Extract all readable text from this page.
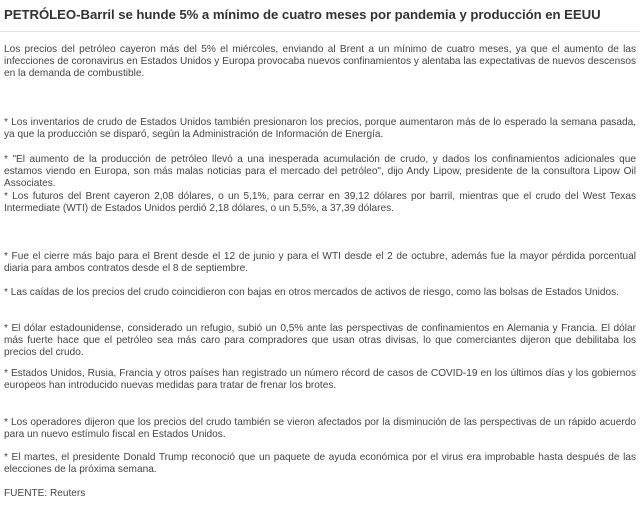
PETRÓLEO-Barril se hunde 5% a mínimo de cuatro meses por pandemia y producción en EEUU

Los precios del petróleo cayeron más del 5% el miércoles, enviando al Brent a un mínimo de cuatro meses, ya que el aumento de las infecciones de coronavirus en Estados Unidos y Europa provocaba nuevos confinamientos y alentaba las expectativas de nuevos descensos en la demanda de combustible.

* Los inventarios de crudo de Estados Unidos también presionaron los precios, porque aumentaron más de lo esperado la semana pasada, ya que la producción se disparó, según la Administración de Información de Energía.

* "El aumento de la producción de petróleo llevó a una inesperada acumulación de crudo, y dados los confinamientos adicionales que estamos viendo en Europa, son más malas noticias para el mercado del petróleo", dijo Andy Lipow, presidente de la consultora Lipow Oil Associates.

* Los futuros del Brent cayeron 2,08 dólares, o un 5,1%, para cerrar en 39,12 dólares por barril, mientras que el crudo del West Texas Intermediate (WTI) de Estados Unidos perdió 2,18 dólares, o un 5,5%, a 37,39 dólares.

* Fue el cierre más bajo para el Brent desde el 12 de junio y para el WTI desde el 2 de octubre, además fue la mayor pérdida porcentual diaria para ambos contratos desde el 8 de septiembre.

* Las caídas de los precios del crudo coincidieron con bajas en otros mercados de activos de riesgo, como las bolsas de Estados Unidos.

* El dólar estadounidense, considerado un refugio, subió un 0,5% ante las perspectivas de confinamientos en Alemania y Francia. El dólar más fuerte hace que el petróleo sea más caro para compradores que usan otras divisas, lo que comerciantes dijeron que debilitaba los precios del crudo.

* Estados Unidos, Rusia, Francia y otros países han registrado un número récord de casos de COVID-19 en los últimos días y los gobiernos europeos han introducido nuevas medidas para tratar de frenar los brotes.

* Los operadores dijeron que los precios del crudo también se vieron afectados por la disminución de las perspectivas de un rápido acuerdo para un nuevo estímulo fiscal en Estados Unidos.

* El martes, el presidente Donald Trump reconoció que un paquete de ayuda económica por el virus era improbable hasta después de las elecciones de la próxima semana.

FUENTE: Reuters
